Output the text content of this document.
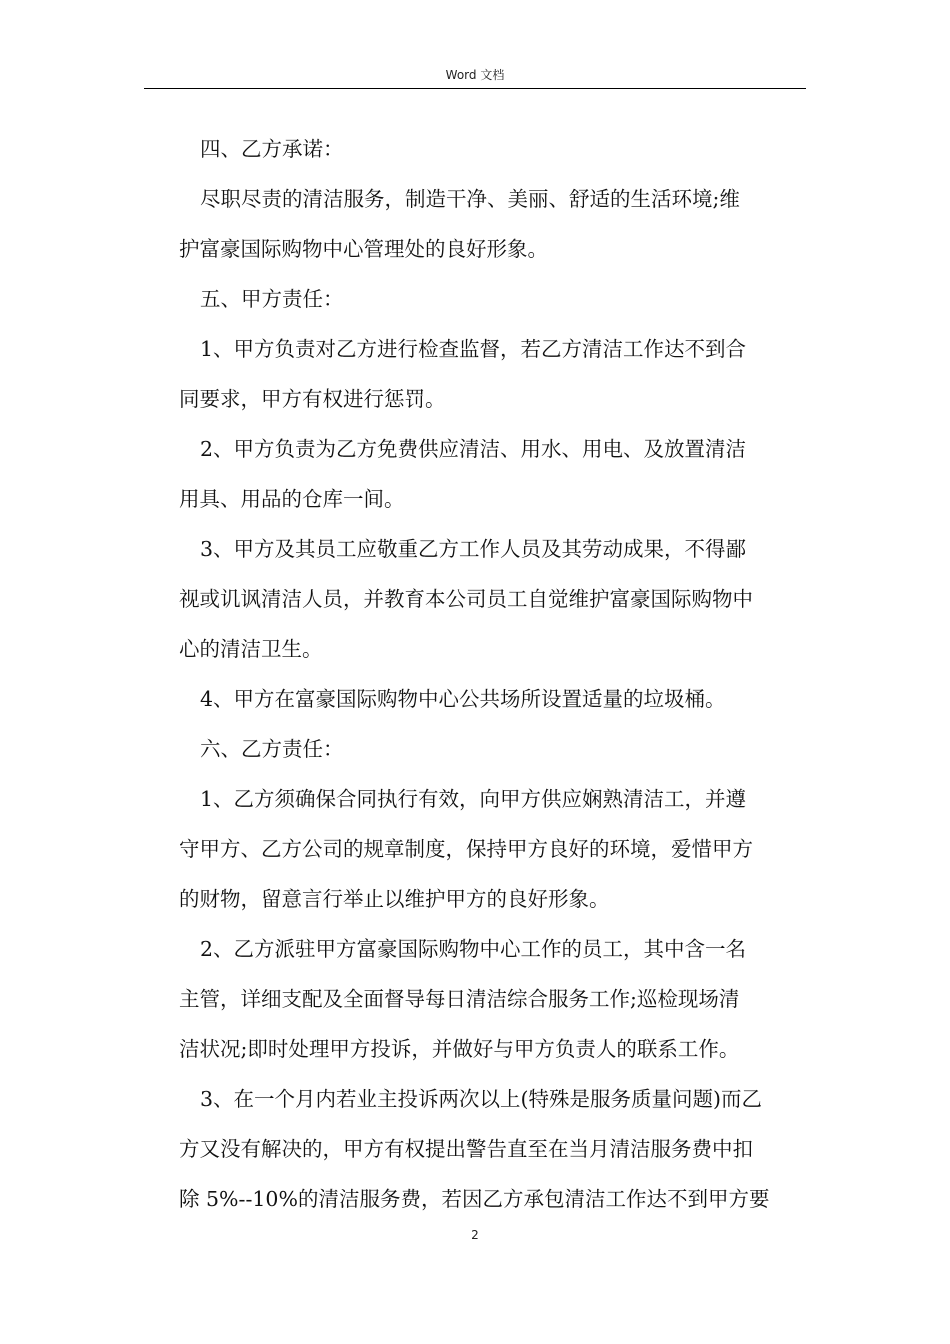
Word 文档
四、乙方承诺：
尽职尽责的清洁服务，制造干净、美丽、舒适的生活环境;维
护富豪国际购物中心管理处的良好形象。
五、甲方责任：
1、甲方负责对乙方进行检查监督，若乙方清洁工作达不到合
同要求，甲方有权进行惩罚。
2、甲方负责为乙方免费供应清洁、用水、用电、及放置清洁
用具、用品的仓库一间。
3、甲方及其员工应敬重乙方工作人员及其劳动成果，不得鄙
视或讥讽清洁人员，并教育本公司员工自觉维护富豪国际购物中
心的清洁卫生。
4、甲方在富豪国际购物中心公共场所设置适量的垃圾桶。
六、乙方责任：
1、乙方须确保合同执行有效，向甲方供应娴熟清洁工，并遵
守甲方、乙方公司的规章制度，保持甲方良好的环境，爱惜甲方
的财物，留意言行举止以维护甲方的良好形象。
2、乙方派驻甲方富豪国际购物中心工作的员工，其中含一名
主管，详细支配及全面督导每日清洁综合服务工作;巡检现场清
洁状况;即时处理甲方投诉，并做好与甲方负责人的联系工作。
3、在一个月内若业主投诉两次以上(特殊是服务质量问题)而乙
方又没有解决的，甲方有权提出警告直至在当月清洁服务费中扣
除 5%--10%的清洁服务费，若因乙方承包清洁工作达不到甲方要
2
